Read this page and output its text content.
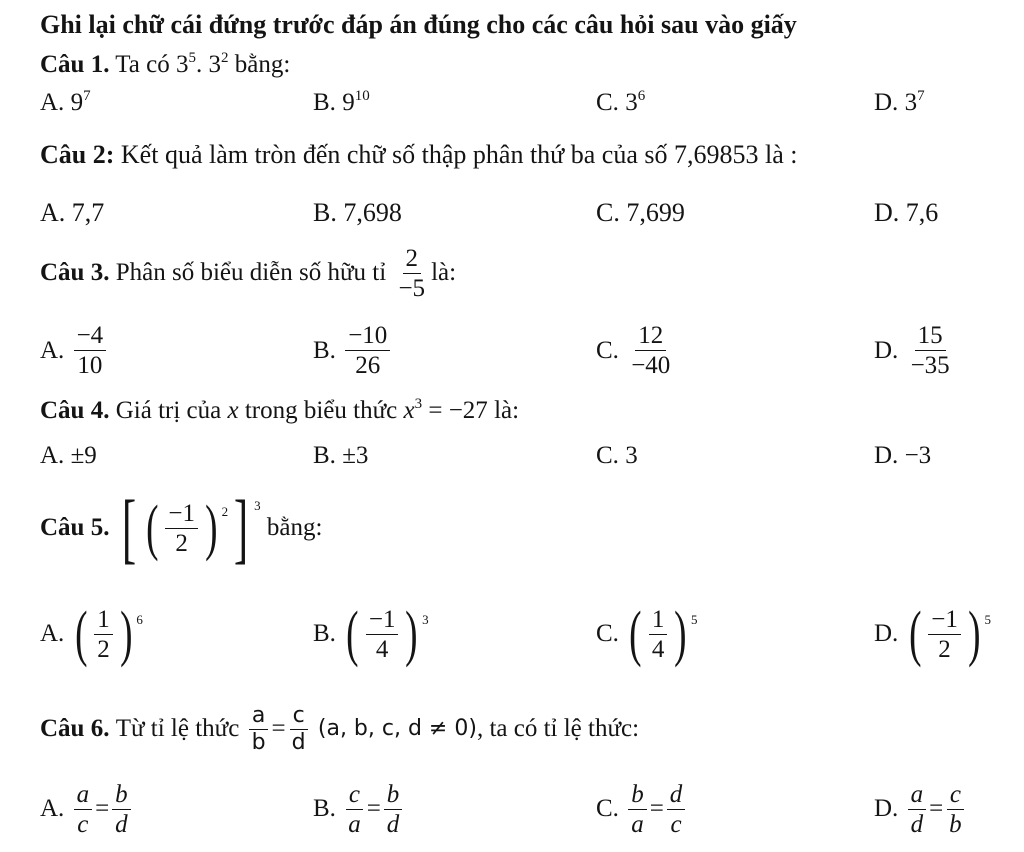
Ghi lại chữ cái đứng trước đáp án đúng cho các câu hỏi sau vào giấy
Câu 1. Ta có $3^5$. $3^2$ bằng:
A. $9^7$	B. $9^{10}$	C. $3^6$	D. $3^7$
Câu 2: Kết quả làm tròn đến chữ số thập phân thứ ba của số 7,69853 là :
A. 7,7	B. 7,698	C. 7,699	D. 7,6
Câu 3.
Phân số biểu diễn số hữu tỉ
$\frac{2}{-5}$ là:
A.
$\frac{-4}{10}$	B.
$\frac{-10}{26}$	C.
$\frac{12}{-40}$	D.
$\frac{15}{-35}$
Câu 4. Giá trị của x trong biểu thức $x^3 = -27$ là:
A. ±9	B. ±3	C. 3	D. −3
Câu 5.
[ ( $\frac{-1}{2}$ ) 2 ] 3

bằng:
A.
( $\frac{1}{2}$ ) 6
B.
( $\frac{-1}{4}$ ) 3
C.
( $\frac{1}{4}$ ) 5
D.
( $\frac{-1}{2}$ ) 5
Câu 6.
Từ tỉ lệ thức
$\frac{a}{b} = \frac{c}{d}$
(a, b, c, d ≠ 0) , ta có tỉ lệ thức:
A.
$\frac{a}{c} = \frac{b}{d}$	B.
$\frac{c}{a} = \frac{b}{d}$	C.
$\frac{b}{a} = \frac{d}{c}$	D.
$\frac{a}{d} = \frac{c}{b}$
